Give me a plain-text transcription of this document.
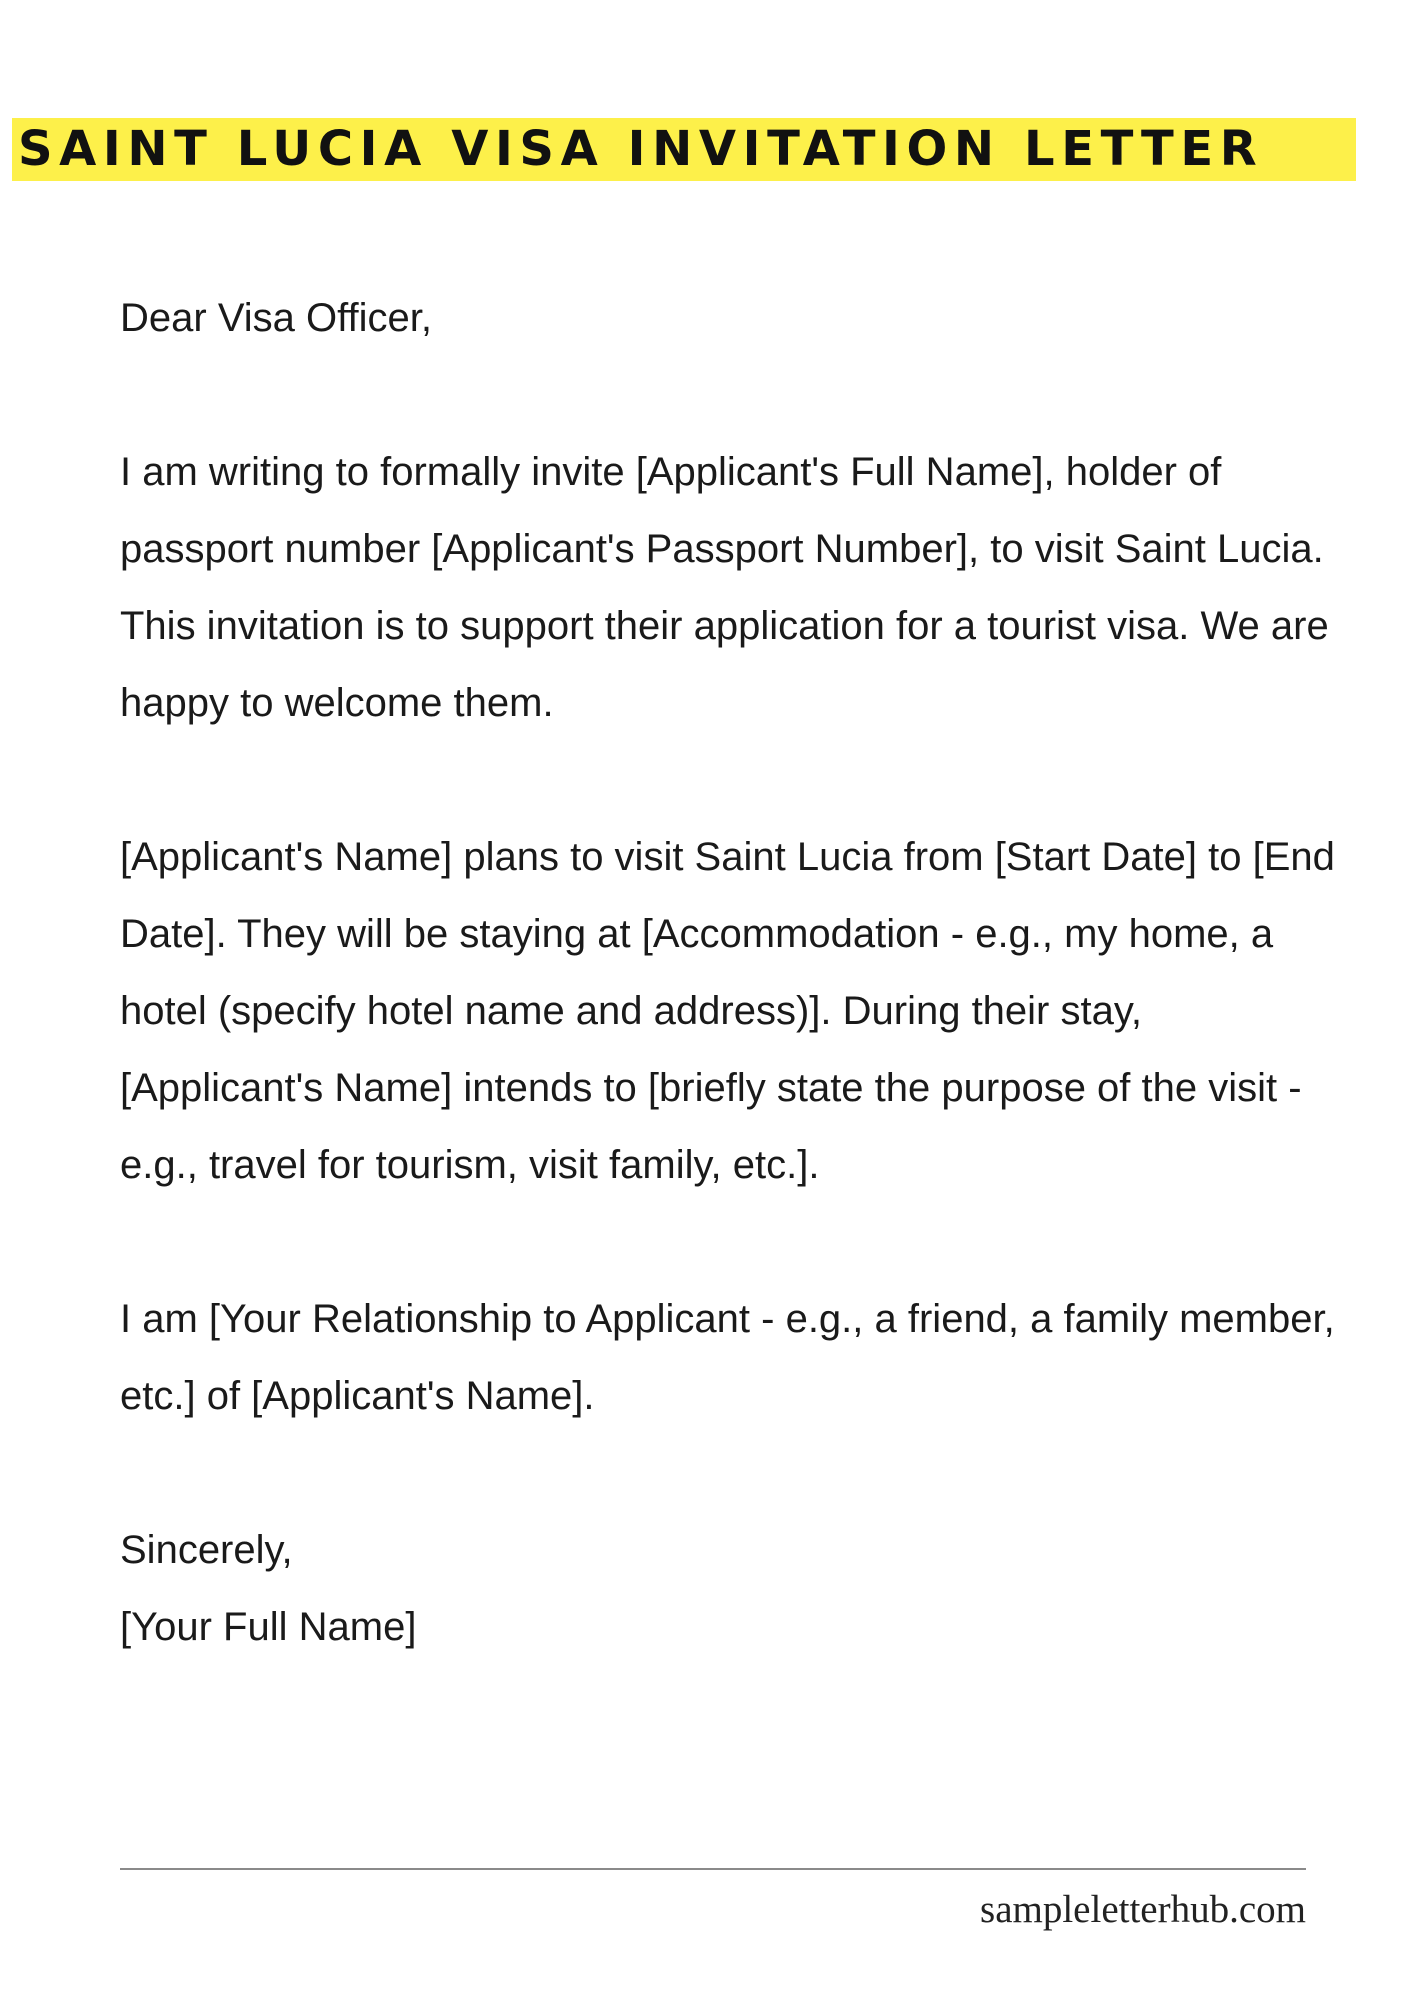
SAINT LUCIA VISA INVITATION LETTER

Dear Visa Officer,

I am writing to formally invite [Applicant's Full Name], holder of passport number [Applicant's Passport Number], to visit Saint Lucia. This invitation is to support their application for a tourist visa. We are happy to welcome them.

[Applicant's Name] plans to visit Saint Lucia from [Start Date] to [End Date]. They will be staying at [Accommodation - e.g., my home, a hotel (specify hotel name and address)]. During their stay, [Applicant's Name] intends to [briefly state the purpose of the visit - e.g., travel for tourism, visit family, etc.].

I am [Your Relationship to Applicant - e.g., a friend, a family member, etc.] of [Applicant's Name].

Sincerely,

[Your Full Name]

sampleletterhub.com
